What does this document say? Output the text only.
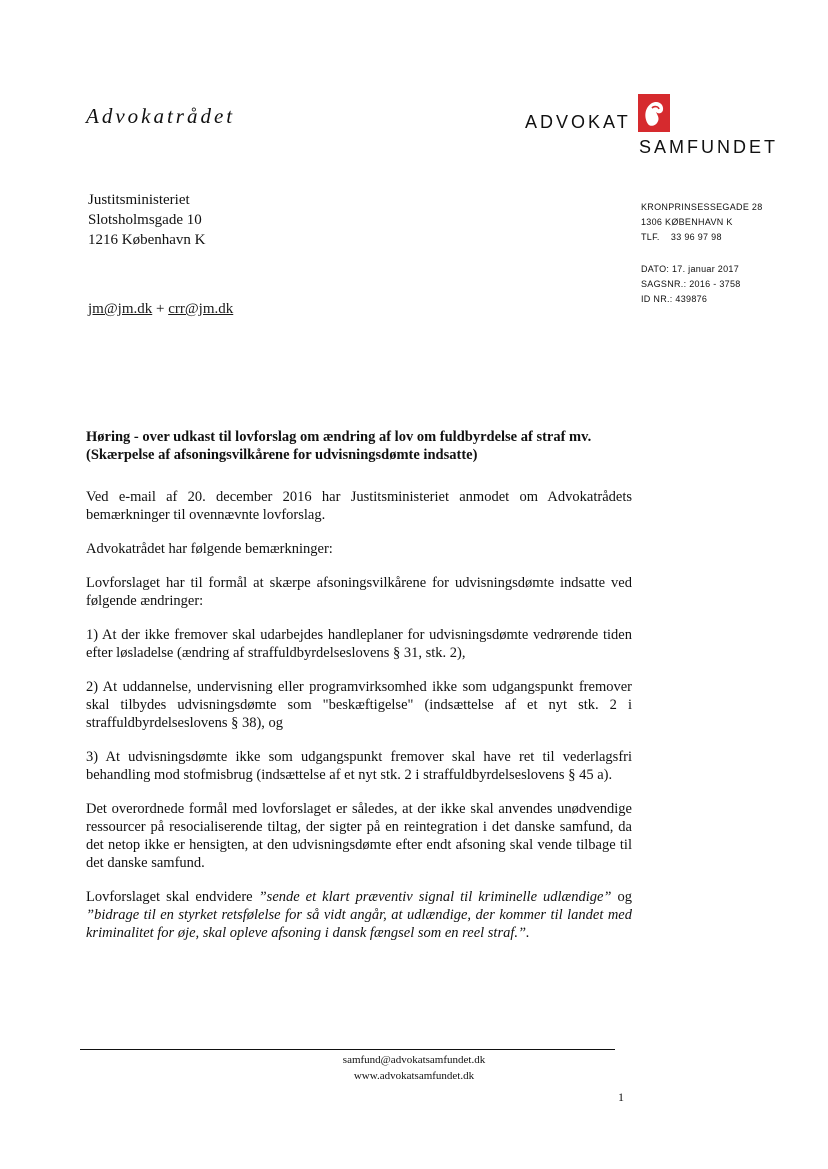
Advokatrådet	ADVOKAT
SAMFUNDET
Justitsministeriet
Slotsholmsgade 10
1216 København K
KRONPRINSESSEGADE 28
1306 KØBENHAVN K
TLF.    33 96 97 98
DATO: 17. januar 2017
SAGSNR.: 2016 - 3758
ID NR.: 439876
jm@jm.dk + crr@jm.dk
Høring - over udkast til lovforslag om ændring af lov om fuldbyrdelse af straf mv. (Skærpelse af afsoningsvilkårene for udvisningsdømte indsatte)

Ved e-mail af 20. december 2016 har Justitsministeriet anmodet om Advokatrådets bemærkninger til ovennævnte lovforslag.

Advokatrådet har følgende bemærkninger:

Lovforslaget har til formål at skærpe afsoningsvilkårene for udvisningsdømte indsatte ved følgende ændringer:

1) At der ikke fremover skal udarbejdes handleplaner for udvisningsdømte vedrørende tiden efter løsladelse (ændring af straffuldbyrdelseslovens § 31, stk. 2),

2) At uddannelse, undervisning eller programvirksomhed ikke som udgangspunkt fremover skal tilbydes udvisningsdømte som "beskæftigelse" (indsættelse af et nyt stk. 2 i straffuldbyrdelseslovens § 38), og

3) At udvisningsdømte ikke som udgangspunkt fremover skal have ret til vederlagsfri behandling mod stofmisbrug (indsættelse af et nyt stk. 2 i straffuldbyrdelseslovens § 45 a).

Det overordnede formål med lovforslaget er således, at der ikke skal anvendes unødvendige ressourcer på resocialiserende tiltag, der sigter på en reintegration i det danske samfund, da det netop ikke er hensigten, at den udvisningsdømte efter endt afsoning skal vende tilbage til det danske samfund.

Lovforslaget skal endvidere ”sende et klart præventiv signal til kriminelle udlændige” og ”bidrage til en styrket retsfølelse for så vidt angår, at udlændige, der kommer til landet med kriminalitet for øje, skal opleve afsoning i dansk fængsel som en reel straf.”.

samfund@advokatsamfundet.dk
www.advokatsamfundet.dk
1
